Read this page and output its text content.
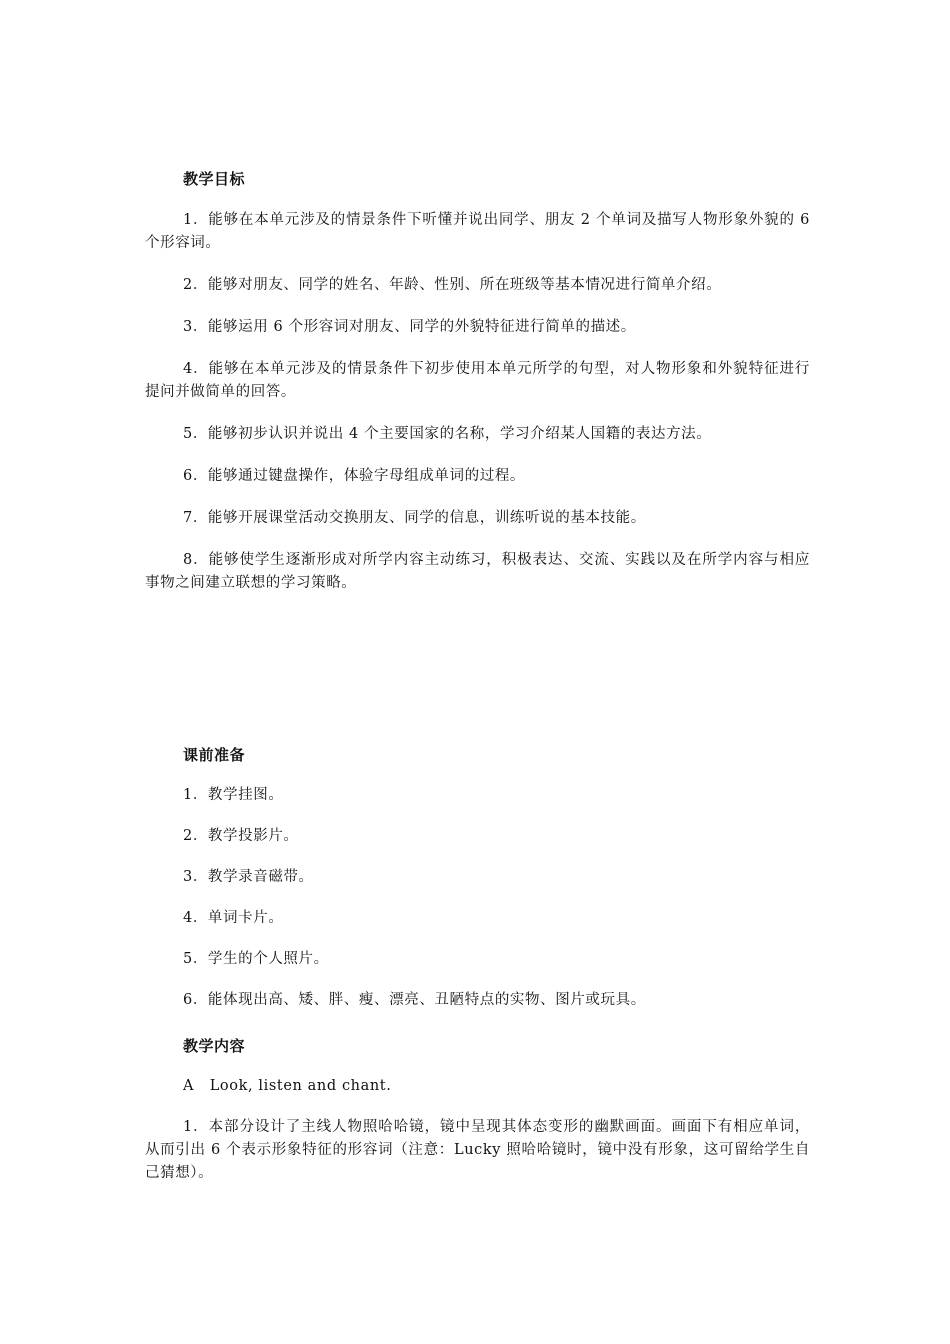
教学目标

1．能够在本单元涉及的情景条件下听懂并说出同学、朋友 2 个单词及描写人物形象外貌的 6 个形容词。

2．能够对朋友、同学的姓名、年龄、性别、所在班级等基本情况进行简单介绍。

3．能够运用 6 个形容词对朋友、同学的外貌特征进行简单的描述。

4．能够在本单元涉及的情景条件下初步使用本单元所学的句型，对人物形象和外貌特征进行提问并做简单的回答。

5．能够初步认识并说出 4 个主要国家的名称，学习介绍某人国籍的表达方法。

6．能够通过键盘操作，体验字母组成单词的过程。

7．能够开展课堂活动交换朋友、同学的信息，训练听说的基本技能。

8．能够使学生逐渐形成对所学内容主动练习，积极表达、交流、实践以及在所学内容与相应事物之间建立联想的学习策略。

课前准备

1．教学挂图。

2．教学投影片。

3．教学录音磁带。

4．单词卡片。

5．学生的个人照片。

6．能体现出高、矮、胖、瘦、漂亮、丑陋特点的实物、图片或玩具。

教学内容

A   Look, listen and chant.

1．本部分设计了主线人物照哈哈镜，镜中呈现其体态变形的幽默画面。画面下有相应单词，从而引出 6 个表示形象特征的形容词（注意：Lucky 照哈哈镜时，镜中没有形象，这可留给学生自己猜想）。
